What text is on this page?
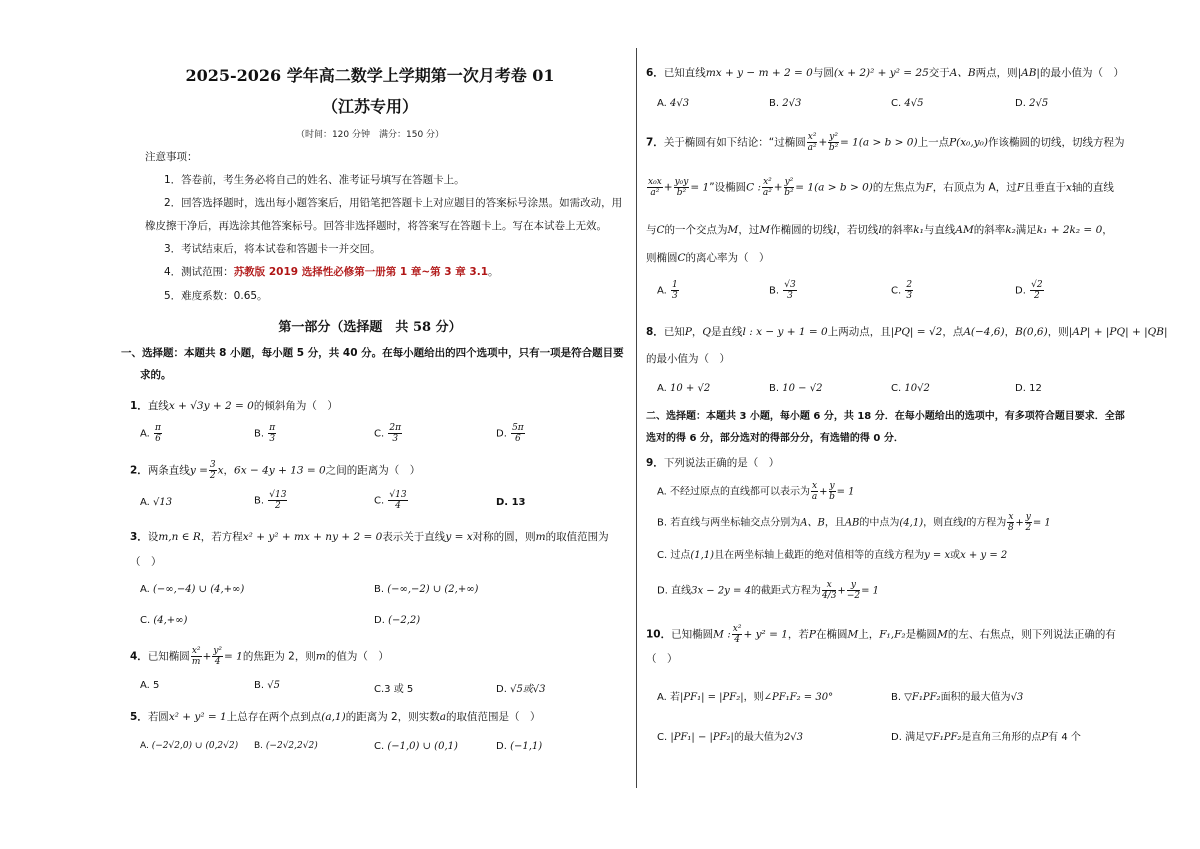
2025-2026 学年高二数学上学期第一次月考卷 01
（江苏专用）
（时间：120 分钟　满分：150 分）
注意事项：
1．答卷前，考生务必将自己的姓名、准考证号填写在答题卡上。
2．回答选择题时，选出每小题答案后，用铅笔把答题卡上对应题目的答案标号涂黑。如需改动，用
橡皮擦干净后，再选涂其他答案标号。回答非选择题时，将答案写在答题卡上。写在本试卷上无效。
3．考试结束后，将本试卷和答题卡一并交回。
4．测试范围：苏教版 2019 选择性必修第一册第 1 章~第 3 章 3.1。
5．难度系数：0.65。
第一部分（选择题　共 58 分）
一、选择题：本题共 8 小题，每小题 5 分，共 40 分。在每小题给出的四个选项中，只有一项是符合题目要
求的。
1．直线x + √3y + 2 = 0的倾斜角为（　）
A. $\frac{\pi}{6}$	B. $\frac{\pi}{3}$	C. $\frac{2\pi}{3}$	D. $\frac{5\pi}{6}$
2．两条直线$y = \frac{3}{2}$ x，6x − 4y + 13 = 0之间的距离为（　）
A. √13	B. $\frac{√13}{2}$	C. $\frac{√13}{4}$	D. 13
3．设m,n ∈ R，若方程x² + y² + mx + ny + 2 = 0表示关于直线y = x对称的圆，则m的取值范围为
（　）
A. (−∞,−4) ∪ (4,+∞)	B. (−∞,−2) ∪ (2,+∞)
C. (4,+∞)	D. (−2,2)
4．已知椭圆 $\frac{\text{x²}}{m} + \frac{\text{y²}}{4} = 1$的焦距为 2，则m的值为（　）
A. 5	B. √5	C.3 或 5	D. √5或√3
5．若圆x² + y² = 1上总存在两个点到点(a,1)的距离为 2，则实数a的取值范围是（　）
A. (−2√2,0) ∪ (0,2√2) B. (−2√2,2√2)	C. (−1,0) ∪ (0,1)	D. (−1,1)
6．已知直线mx + y − m + 2 = 0与圆(x + 2)² + y² = 25交于A、B两点，则|AB|的最小值为（　）
A. 4√3	B. 2√3	C. 4√5	D. 2√5
7．关于椭圆有如下结论：“过椭圆 $\frac{\text{x²}}{\text{a²}} + \frac{\text{y²}}{\text{b²}} = 1(a > b > 0)$上一点P(x₀,y₀)作该椭圆的切线，切线方程为
$\frac{\text{x₀x}}{\text{a²}} + \frac{\text{y₀y}}{\text{b²}} = 1$”设椭圆C : $\frac{\text{x²}}{\text{a²}} + \frac{\text{y²}}{\text{b²}} = 1(a > b > 0)$的左焦点为F，右顶点为 A，过F且垂直于x轴的直线
与C的一个交点为M，过M作椭圆的切线l，若切线l的斜率k₁与直线AM的斜率k₂满足k₁ + 2k₂ = 0，
则椭圆C的离心率为（　）
A. $\frac{1}{3}$	B. $\frac{√3}{3}$	C. $\frac{2}{3}$	D. $\frac{√2}{2}$
8．已知P，Q是直线l : x − y + 1 = 0上两动点，且|PQ| = √2，点A(−4,6)，B(0,6)，则|AP| + |PQ| + |QB|
的最小值为（　）
A. 10 + √2	B. 10 − √2	C. 10√2	D. 12
二、选择题：本题共 3 小题，每小题 6 分，共 18 分．在每小题给出的选项中，有多项符合题目要求．全部
选对的得 6 分，部分选对的得部分分，有选错的得 0 分．
9．下列说法正确的是（　）
A. 不经过原点的直线都可以表示为 $\frac{x}{a} + \frac{y}{b} = 1$
B. 若直线与两坐标轴交点分别为A、B，且AB的中点为(4,1)，则直线l的方程为 $\frac{x}{8} + \frac{y}{2} = 1$
C. 过点(1,1)且在两坐标轴上截距的绝对值相等的直线方程为y = x或x + y = 2
D. 直线3x − 2y = 4的截距式方程为 $\frac{x}{4/3} + \frac{y}{-2} = 1$
10．已知椭圆M : $\frac{\text{x²}}{4} + y^2 = 1$，若P在椭圆M上，F₁,F₂是椭圆M的左、右焦点，则下列说法正确的有
（　）
A. 若|PF₁| = |PF₂|，则∠PF₁F₂ = 30°	B. ▽F₁PF₂面积的最大值为√3
C. |PF₁| − |PF₂|的最大值为2√3	D. 满足▽F₁PF₂是直角三角形的点P有 4 个
